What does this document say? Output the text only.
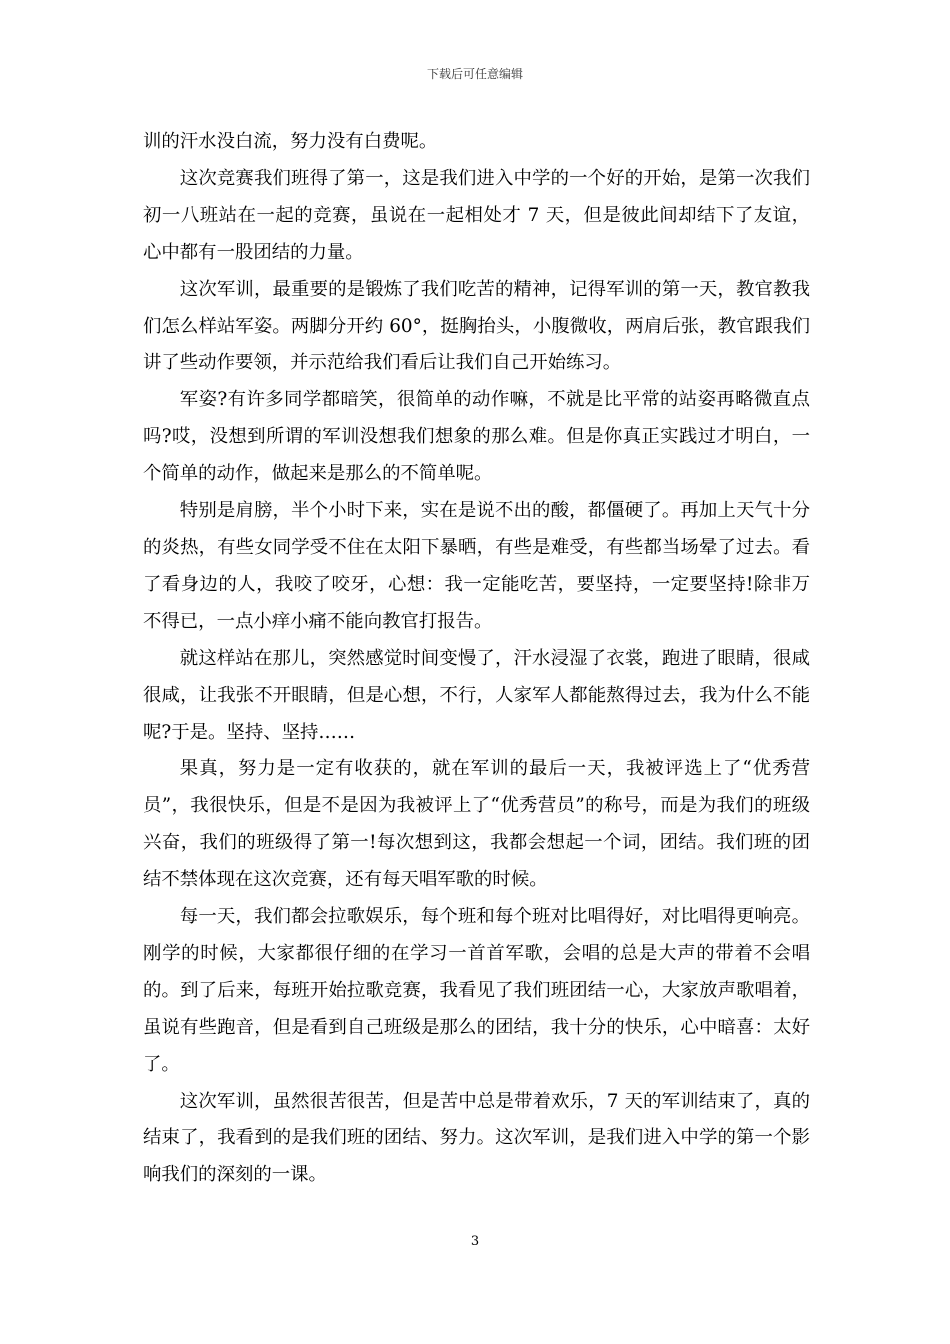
下载后可任意编辑

训的汗水没白流，努力没有白费呢。

这次竞赛我们班得了第一，这是我们进入中学的一个好的开始，是第一次我们初一八班站在一起的竞赛，虽说在一起相处才 7 天，但是彼此间却结下了友谊，心中都有一股团结的力量。

这次军训，最重要的是锻炼了我们吃苦的精神，记得军训的第一天，教官教我们怎么样站军姿。两脚分开约 60°，挺胸抬头，小腹微收，两肩后张，教官跟我们讲了些动作要领，并示范给我们看后让我们自己开始练习。

军姿?有许多同学都暗笑，很简单的动作嘛，不就是比平常的站姿再略微直点吗?哎，没想到所谓的军训没想我们想象的那么难。但是你真正实践过才明白，一个简单的动作，做起来是那么的不简单呢。

特别是肩膀，半个小时下来，实在是说不出的酸，都僵硬了。再加上天气十分的炎热，有些女同学受不住在太阳下暴晒，有些是难受，有些都当场晕了过去。看了看身边的人，我咬了咬牙，心想：我一定能吃苦，要坚持，一定要坚持!除非万不得已，一点小痒小痛不能向教官打报告。

就这样站在那儿，突然感觉时间变慢了，汗水浸湿了衣裳，跑进了眼睛，很咸很咸，让我张不开眼睛，但是心想，不行，人家军人都能熬得过去，我为什么不能呢?于是。坚持、坚持……

果真，努力是一定有收获的，就在军训的最后一天，我被评选上了“优秀营员”，我很快乐，但是不是因为我被评上了“优秀营员”的称号，而是为我们的班级兴奋，我们的班级得了第一!每次想到这，我都会想起一个词，团结。我们班的团结不禁体现在这次竞赛，还有每天唱军歌的时候。

每一天，我们都会拉歌娱乐，每个班和每个班对比唱得好，对比唱得更响亮。刚学的时候，大家都很仔细的在学习一首首军歌，会唱的总是大声的带着不会唱的。到了后来，每班开始拉歌竞赛，我看见了我们班团结一心，大家放声歌唱着，虽说有些跑音，但是看到自己班级是那么的团结，我十分的快乐，心中暗喜：太好了。

这次军训，虽然很苦很苦，但是苦中总是带着欢乐，7 天的军训结束了，真的结束了，我看到的是我们班的团结、努力。这次军训，是我们进入中学的第一个影响我们的深刻的一课。

3
